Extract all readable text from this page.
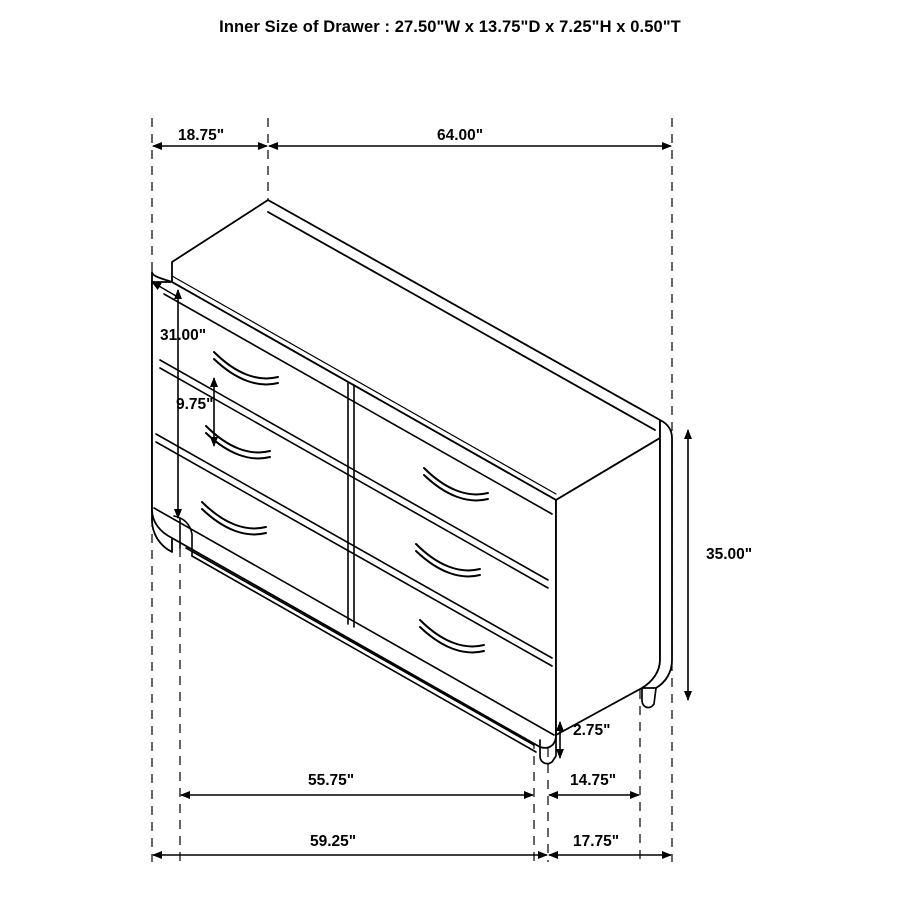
Inner Size of Drawer : 27.50"W x 13.75"D x 7.25"H x 0.50"T
18.75"	64.00"
31.00"
9.75"
35.00"
2.75"
55.75"	14.75"
59.25"	17.75"
